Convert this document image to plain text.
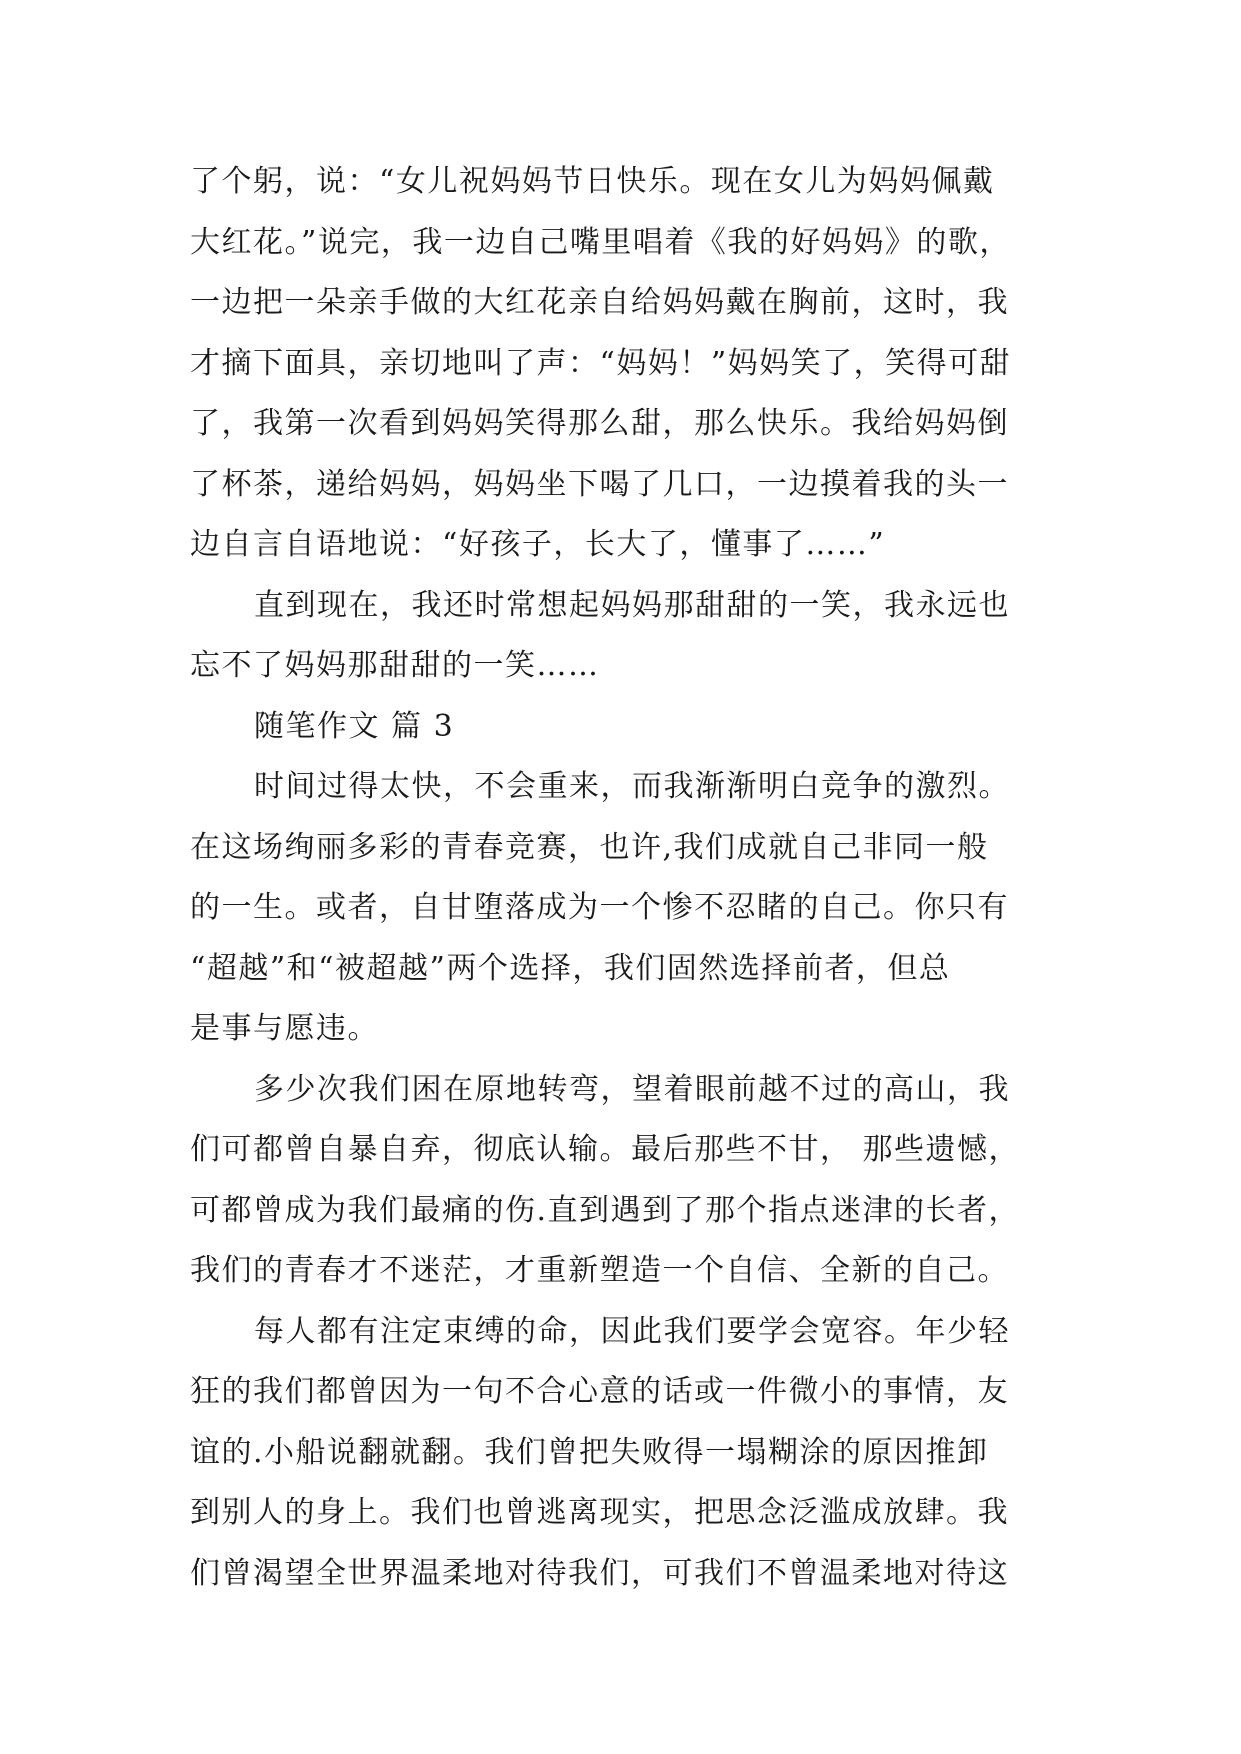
了个躬，说：“女儿祝妈妈节日快乐。现在女儿为妈妈佩戴
大红花。”说完，我一边自己嘴里唱着《我的好妈妈》的歌，
一边把一朵亲手做的大红花亲自给妈妈戴在胸前，这时，我
才摘下面具，亲切地叫了声：“妈妈！”妈妈笑了，笑得可甜
了，我第一次看到妈妈笑得那么甜，那么快乐。我给妈妈倒
了杯茶，递给妈妈，妈妈坐下喝了几口，一边摸着我的头一
边自言自语地说：“好孩子，长大了，懂事了……”
直到现在，我还时常想起妈妈那甜甜的一笑，我永远也
忘不了妈妈那甜甜的一笑……
随笔作文 篇 3
时间过得太快，不会重来，而我渐渐明白竞争的激烈。
在这场绚丽多彩的青春竞赛，也许,我们成就自己非同一般
的一生。或者，自甘堕落成为一个惨不忍睹的自己。你只有
“超越”和“被超越”两个选择，我们固然选择前者，但总
是事与愿违。
多少次我们困在原地转弯，望着眼前越不过的高山，我
们可都曾自暴自弃，彻底认输。最后那些不甘， 那些遗憾，
可都曾成为我们最痛的伤.直到遇到了那个指点迷津的长者，
我们的青春才不迷茫，才重新塑造一个自信、全新的自己。
每人都有注定束缚的命，因此我们要学会宽容。年少轻
狂的我们都曾因为一句不合心意的话或一件微小的事情，友
谊的.小船说翻就翻。我们曾把失败得一塌糊涂的原因推卸
到别人的身上。我们也曾逃离现实，把思念泛滥成放肆。我
们曾渴望全世界温柔地对待我们，可我们不曾温柔地对待这
